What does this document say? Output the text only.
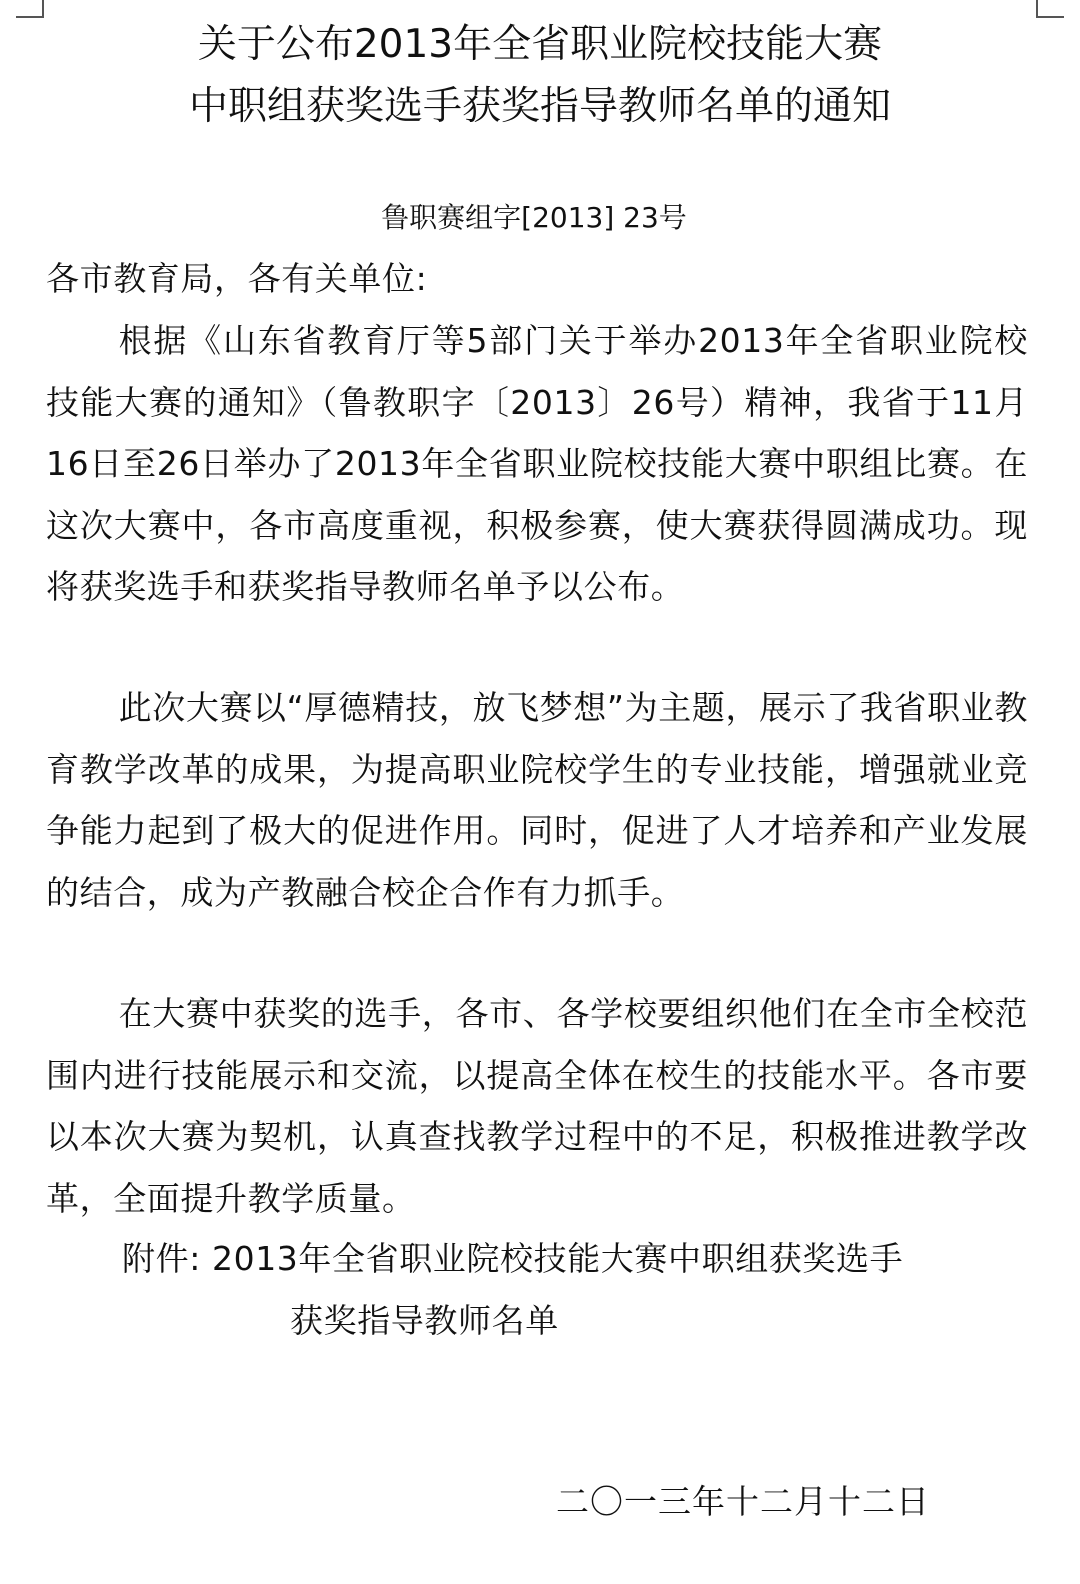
关于公布2013年全省职业院校技能大赛
中职组获奖选手获奖指导教师名单的通知
鲁职赛组字[2013] 23号
各市教育局，各有关单位:
根据《山东省教育厅等5部门关于举办2013年全省职业院校技能大赛的通知》（鲁教职字〔2013〕26号）精神，我省于11月16日至26日举办了2013年全省职业院校技能大赛中职组比赛。在这次大赛中，各市高度重视，积极参赛，使大赛获得圆满成功。现将获奖选手和获奖指导教师名单予以公布。
此次大赛以“厚德精技，放飞梦想”为主题，展示了我省职业教育教学改革的成果，为提高职业院校学生的专业技能，增强就业竞争能力起到了极大的促进作用。同时，促进了人才培养和产业发展的结合，成为产教融合校企合作有力抓手。
在大赛中获奖的选手，各市、各学校要组织他们在全市全校范围内进行技能展示和交流，以提高全体在校生的技能水平。各市要以本次大赛为契机，认真查找教学过程中的不足，积极推进教学改革，全面提升教学质量。
附件: 2013年全省职业院校技能大赛中职组获奖选手
获奖指导教师名单
二〇一三年十二月十二日
